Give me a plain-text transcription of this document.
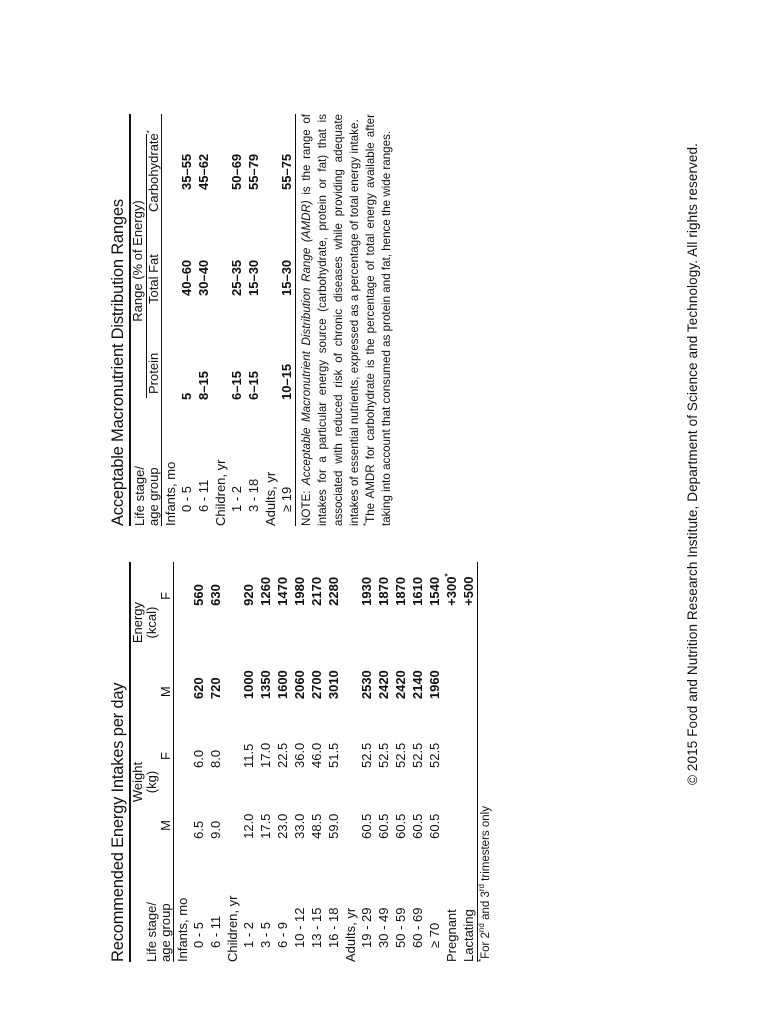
Recommended Energy Intakes per day Life stage/	Weight
(kg)		Energy
(kcal)	
age group	M	F	M	F

Infants, mo				
0 - 5	6.5	6.0	620	560
6 - 11	9.0	8.0	720	630
Children, yr				
1 - 2	12.0	11.5	1000	920
3 - 5	17.5	17.0	1350	1260
6 - 9	23.0	22.5	1600	1470
10 - 12	33.0	36.0	2060	1980
13 - 15	48.5	46.0	2700	2170
16 - 18	59.0	51.5	3010	2280
Adults, yr				
19 - 29	60.5	52.5	2530	1930
30 - 49	60.5	52.5	2420	1870
50 - 59	60.5	52.5	2420	1870
60 - 69	60.5	52.5	2140	1610
≥ 70	60.5	52.5	1960	1540
Pregnant				+300*
Lactating				+500
*For 2nd and 3rd trimesters only
Acceptable Macronutrient Distribution Ranges Life stage/	Range (% of Energy)		

age group	Protein	Total Fat	Carbohydrate*

Infants, mo			
0 - 5	5	40–60	35–55
6 - 11	8–15	30–40	45–62
Children, yr			
1 - 2	6–15	25–35	50–69
3 - 18	6–15	15–30	55–79
Adults, yr			
≥ 19	10–15	15–30	55–75
NOTE: Acceptable Macronutrient Distribution Range (AMDR) is the range of intakes for a particular energy source (carbohydrate, protein or fat) that is associated with reduced risk of chronic diseases while providing adequate intakes of essential nutrients, expressed as a percentage of total energy intake. *The AMDR for carbohydrate is the percentage of total energy available after taking into account that consumed as protein and fat, hence the wide ranges.	© 2015 Food and Nutrition Research Institute, Department of Science and Technology. All rights reserved.
